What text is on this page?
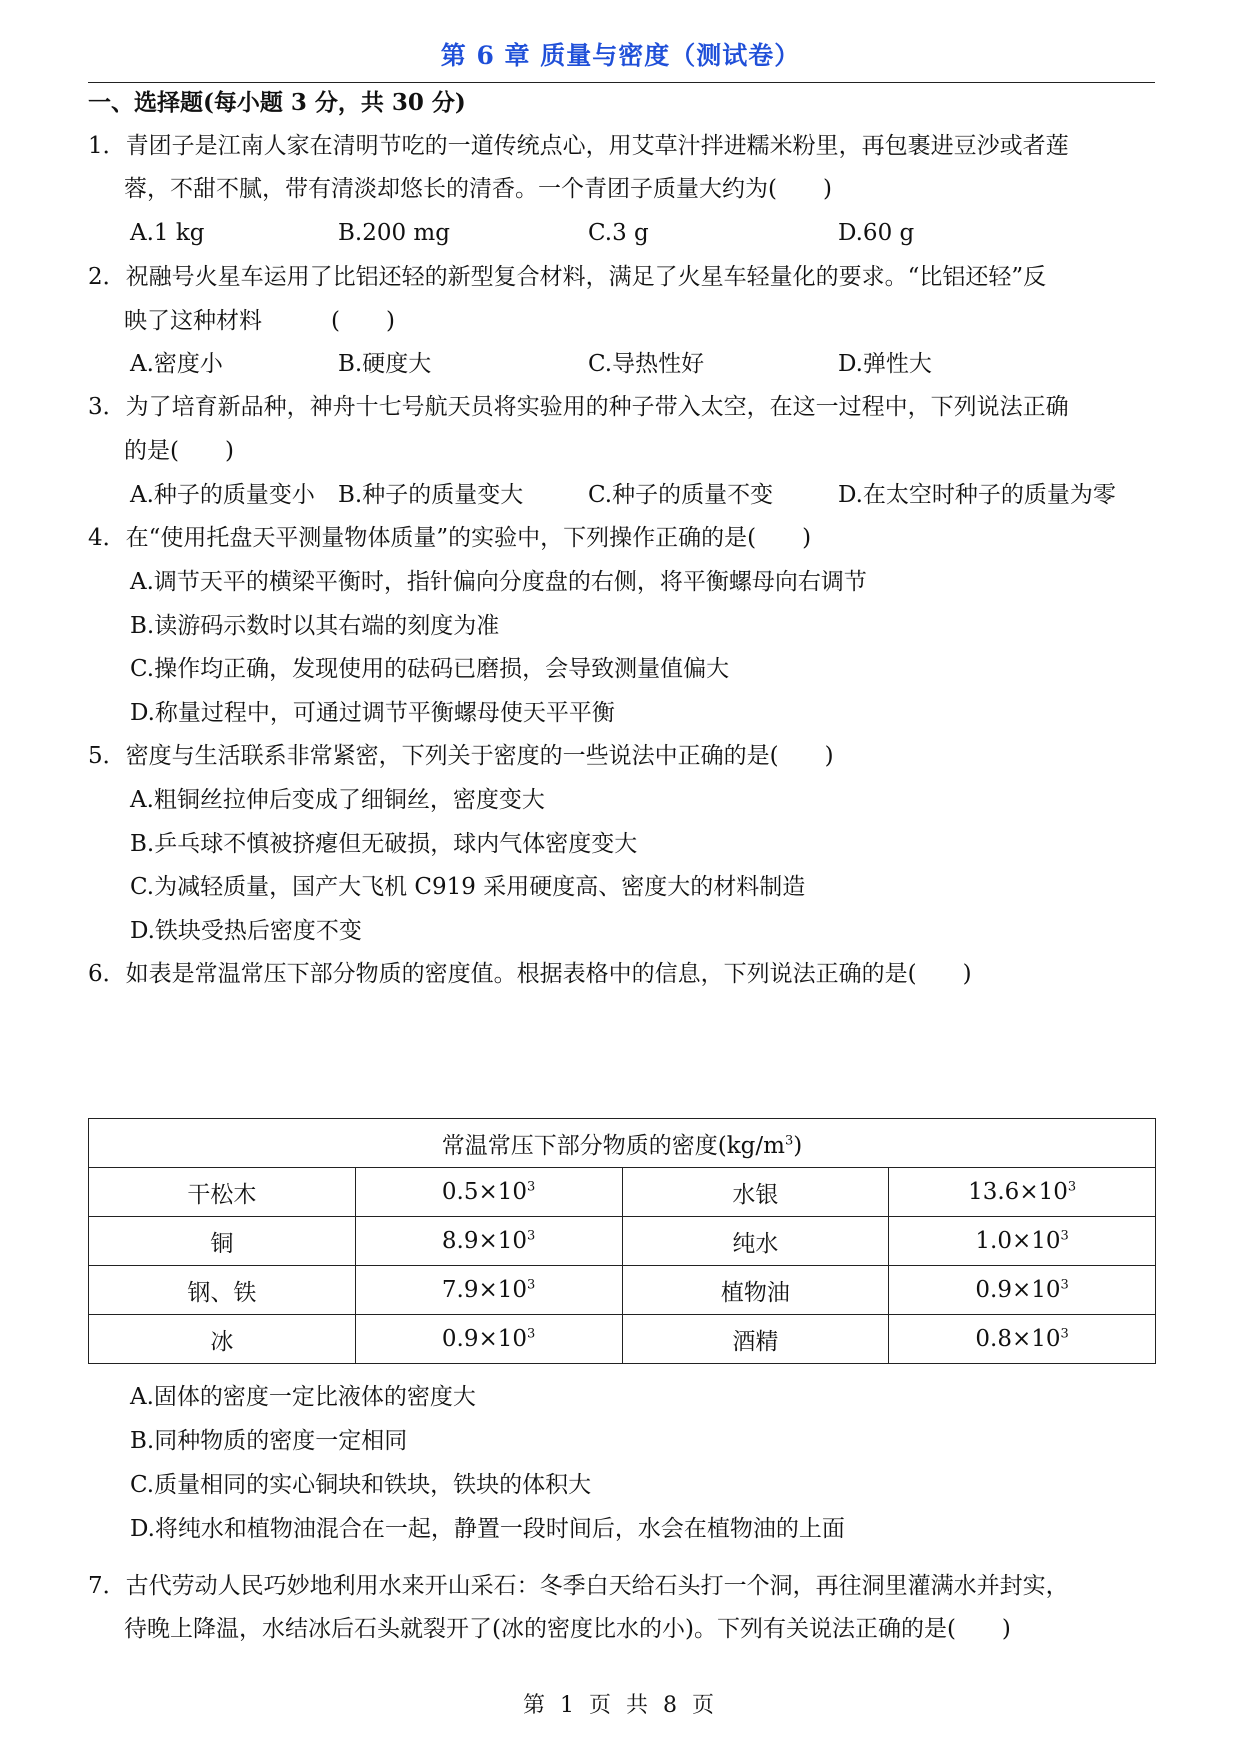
第 6 章 质量与密度（测试卷）
一、选择题(每小题 3 分，共 30 分)
1．青团子是江南人家在清明节吃的一道传统点心，用艾草汁拌进糯米粉里，再包裹进豆沙或者莲
蓉，不甜不腻，带有清淡却悠长的清香。一个青团子质量大约为(　　)
A.1 kg	B.200 mg	C.3 g	D.60 g
2．祝融号火星车运用了比铝还轻的新型复合材料，满足了火星车轻量化的要求。“比铝还轻”反
映了这种材料　　　(　　)
A.密度小	B.硬度大	C.导热性好	D.弹性大
3．为了培育新品种，神舟十七号航天员将实验用的种子带入太空，在这一过程中，下列说法正确
的是(　　)
A.种子的质量变小 B.种子的质量变大	C.种子的质量不变	D.在太空时种子的质量为零
4．在“使用托盘天平测量物体质量”的实验中，下列操作正确的是(　　)
A.调节天平的横梁平衡时，指针偏向分度盘的右侧，将平衡螺母向右调节
B.读游码示数时以其右端的刻度为准
C.操作均正确，发现使用的砝码已磨损，会导致测量值偏大
D.称量过程中，可通过调节平衡螺母使天平平衡
5．密度与生活联系非常紧密，下列关于密度的一些说法中正确的是(　　)
A.粗铜丝拉伸后变成了细铜丝，密度变大
B.乒乓球不慎被挤瘪但无破损，球内气体密度变大
C.为减轻质量，国产大飞机 C919 采用硬度高、密度大的材料制造
D.铁块受热后密度不变
6．如表是常温常压下部分物质的密度值。根据表格中的信息，下列说法正确的是(　　)
常温常压下部分物质的密度$(kg/m^3)$			
干松木	$0.5\times 10^3$	水银	$13.6\times 10^3$
铜	$8.9\times 10^3$	纯水	$1.0\times 10^3$
钢、铁	$7.9\times 10^3$	植物油	$0.9\times 10^3$
冰	$0.9\times 10^3$	酒精	$0.8\times 10^3$
A.固体的密度一定比液体的密度大
B.同种物质的密度一定相同
C.质量相同的实心铜块和铁块，铁块的体积大
D.将纯水和植物油混合在一起，静置一段时间后，水会在植物油的上面
7．古代劳动人民巧妙地利用水来开山采石：冬季白天给石头打一个洞，再往洞里灌满水并封实，
待晚上降温，水结冰后石头就裂开了(冰的密度比水的小)。下列有关说法正确的是(　　)
第 1 页 共 8 页
